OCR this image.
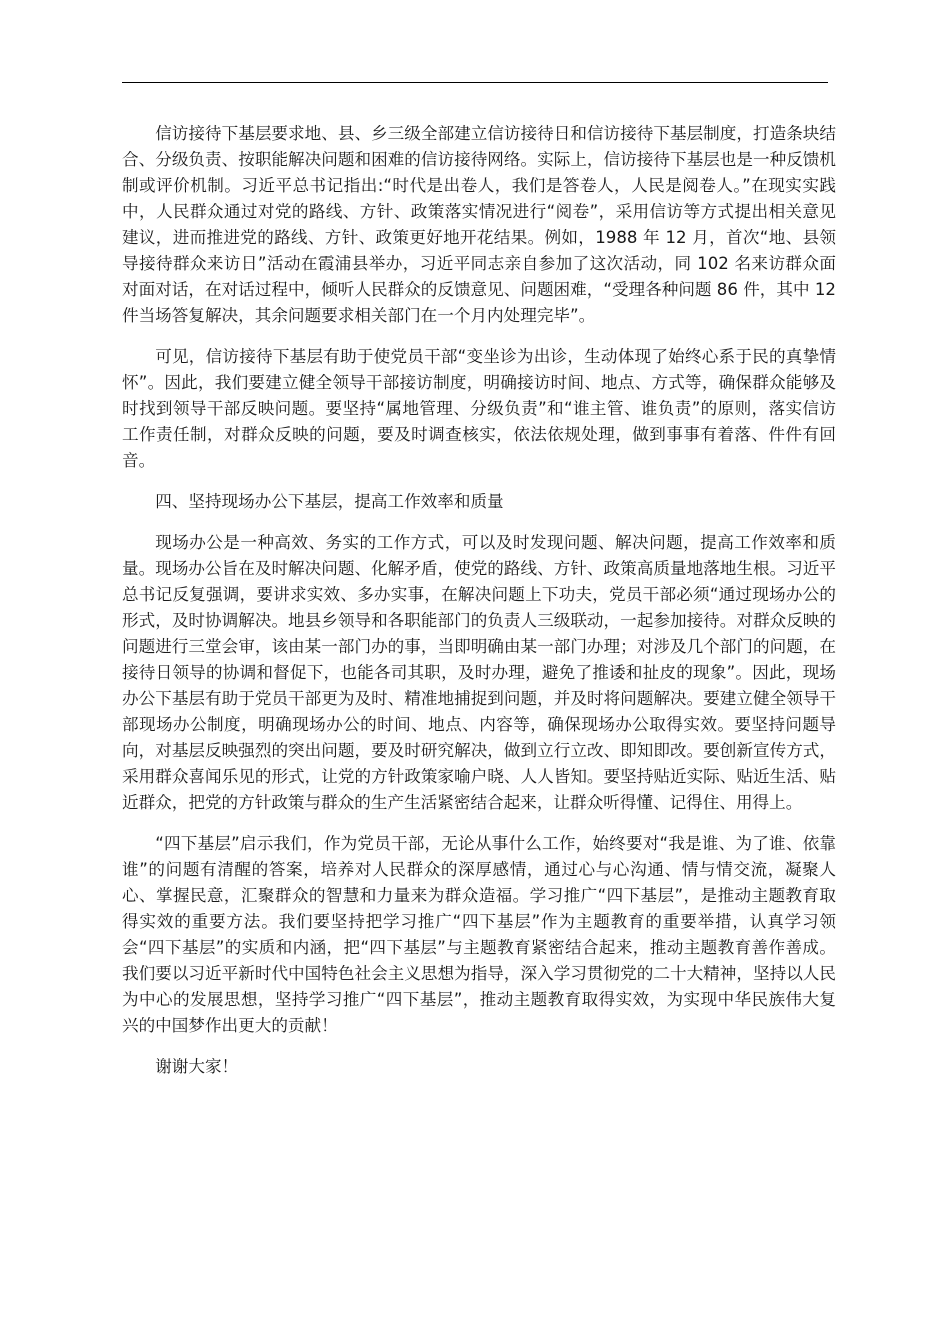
信访接待下基层要求地、县、乡三级全部建立信访接待日和信访接待下基层制度，打造条块结合、分级负责、按职能解决问题和困难的信访接待网络。实际上，信访接待下基层也是一种反馈机制或评价机制。习近平总书记指出:“时代是出卷人，我们是答卷人，人民是阅卷人。”在现实实践中，人民群众通过对党的路线、方针、政策落实情况进行“阅卷”，采用信访等方式提出相关意见建议，进而推进党的路线、方针、政策更好地开花结果。例如，1988 年 12 月，首次“地、县领导接待群众来访日”活动在霞浦县举办，习近平同志亲自参加了这次活动，同 102 名来访群众面对面对话，在对话过程中，倾听人民群众的反馈意见、问题困难，“受理各种问题 86 件，其中 12 件当场答复解决，其余问题要求相关部门在一个月内处理完毕”。

可见，信访接待下基层有助于使党员干部“变坐诊为出诊，生动体现了始终心系于民的真挚情怀”。因此，我们要建立健全领导干部接访制度，明确接访时间、地点、方式等，确保群众能够及时找到领导干部反映问题。要坚持“属地管理、分级负责”和“谁主管、谁负责”的原则，落实信访工作责任制，对群众反映的问题，要及时调查核实，依法依规处理，做到事事有着落、件件有回音。

四、坚持现场办公下基层，提高工作效率和质量

现场办公是一种高效、务实的工作方式，可以及时发现问题、解决问题，提高工作效率和质量。现场办公旨在及时解决问题、化解矛盾，使党的路线、方针、政策高质量地落地生根。习近平总书记反复强调，要讲求实效、多办实事，在解决问题上下功夫，党员干部必须“通过现场办公的形式，及时协调解决。地县乡领导和各职能部门的负责人三级联动，一起参加接待。对群众反映的问题进行三堂会审，该由某一部门办的事，当即明确由某一部门办理；对涉及几个部门的问题，在接待日领导的协调和督促下，也能各司其职，及时办理，避免了推诿和扯皮的现象”。因此，现场办公下基层有助于党员干部更为及时、精准地捕捉到问题，并及时将问题解决。要建立健全领导干部现场办公制度，明确现场办公的时间、地点、内容等，确保现场办公取得实效。要坚持问题导向，对基层反映强烈的突出问题，要及时研究解决，做到立行立改、即知即改。要创新宣传方式，采用群众喜闻乐见的形式，让党的方针政策家喻户晓、人人皆知。要坚持贴近实际、贴近生活、贴近群众，把党的方针政策与群众的生产生活紧密结合起来，让群众听得懂、记得住、用得上。

“四下基层”启示我们，作为党员干部，无论从事什么工作，始终要对“我是谁、为了谁、依靠谁”的问题有清醒的答案，培养对人民群众的深厚感情，通过心与心沟通、情与情交流，凝聚人心、掌握民意，汇聚群众的智慧和力量来为群众造福。学习推广“四下基层”，是推动主题教育取得实效的重要方法。我们要坚持把学习推广“四下基层”作为主题教育的重要举措，认真学习领会“四下基层”的实质和内涵，把“四下基层”与主题教育紧密结合起来，推动主题教育善作善成。我们要以习近平新时代中国特色社会主义思想为指导，深入学习贯彻党的二十大精神，坚持以人民为中心的发展思想，坚持学习推广“四下基层”，推动主题教育取得实效，为实现中华民族伟大复兴的中国梦作出更大的贡献！

谢谢大家！
